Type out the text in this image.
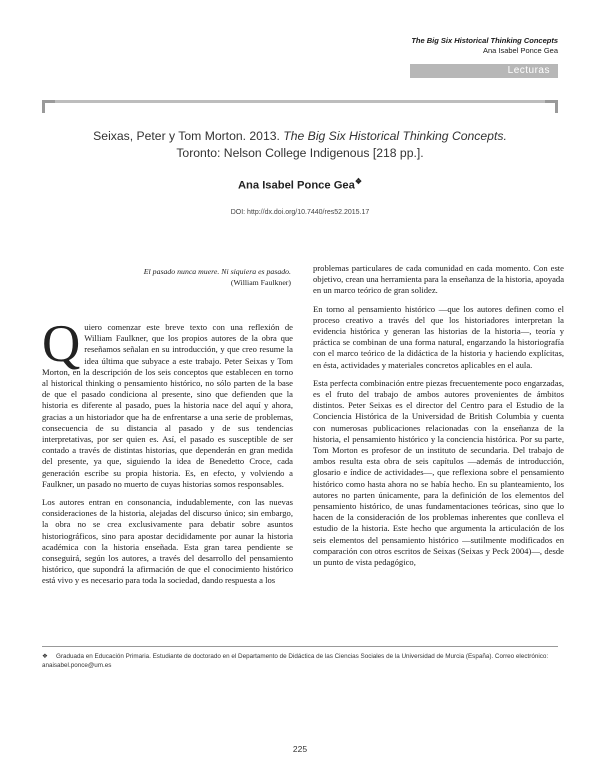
The Big Six Historical Thinking Concepts
Ana Isabel Ponce Gea
Lecturas
Seixas, Peter y Tom Morton. 2013. The Big Six Historical Thinking Concepts.
Toronto: Nelson College Indigenous [218 pp.].
Ana Isabel Ponce Gea❖
DOI: http://dx.doi.org/10.7440/res52.2015.17
El pasado nunca muere. Ni siquiera es pasado.
(William Faulkner)

Quiero comenzar este breve texto con una reflexión de William Faulkner, que los propios autores de la obra que reseñamos señalan en su introducción, y que creo resume la idea última que subyace a este trabajo. Peter Seixas y Tom Morton, en la descripción de los seis conceptos que establecen en torno al historical thinking o pensamiento histórico, no sólo parten de la base de que el pasado condiciona al presente, sino que defienden que la historia es diferente al pasado, pues la historia nace del aquí y ahora, gracias a un historiador que ha de enfrentarse a una serie de problemas, consecuencia de su distancia al pasado y de sus tendencias interpretativas, por ser quien es. Así, el pasado es susceptible de ser contado a través de distintas historias, que dependerán en gran medida del presente, ya que, siguiendo la idea de Benedetto Croce, cada generación escribe su propia historia. Es, en efecto, y volviendo a Faulkner, un pasado no muerto de cuyas historias somos responsables.

Los autores entran en consonancia, indudablemente, con las nuevas consideraciones de la historia, alejadas del discurso único; sin embargo, la obra no se crea exclusivamente para debatir sobre asuntos historiográficos, sino para apostar decididamente por aunar la historia académica con la historia enseñada. Esta gran tarea pendiente se conseguirá, según los autores, a través del desarrollo del pensamiento histórico, que supondrá la afirmación de que el conocimiento histórico está vivo y es necesario para toda la sociedad, dando respuesta a los

problemas particulares de cada comunidad en cada momento. Con este objetivo, crean una herramienta para la enseñanza de la historia, apoyada en un marco teórico de gran solidez.

En torno al pensamiento histórico —que los autores definen como el proceso creativo a través del que los historiadores interpretan la evidencia histórica y generan las historias de la historia—, teoría y práctica se combinan de una forma natural, engarzando la historiografía con el marco teórico de la didáctica de la historia y haciendo explícitas, en ésta, actividades y materiales concretos aplicables en el aula.

Esta perfecta combinación entre piezas frecuentemente poco engarzadas, es el fruto del trabajo de ambos autores provenientes de ámbitos distintos. Peter Seixas es el director del Centro para el Estudio de la Conciencia Histórica de la Universidad de British Columbia y cuenta con numerosas publicaciones relacionadas con la enseñanza de la historia, el pensamiento histórico y la conciencia histórica. Por su parte, Tom Morton es profesor de un instituto de secundaria. Del trabajo de ambos resulta esta obra de seis capítulos —además de introducción, glosario e índice de actividades—, que reflexiona sobre el pensamiento histórico como hasta ahora no se había hecho. En su planteamiento, los autores no parten únicamente, para la definición de los elementos del pensamiento histórico, de unas fundamentaciones teóricas, sino que lo hacen de la consideración de los problemas inherentes que conlleva el estudio de la historia. Este hecho que argumenta la articulación de los seis elementos del pensamiento histórico —sutilmente modificados en comparación con otros escritos de Seixas (Seixas y Peck 2004)—, desde un punto de vista pedagógico,

❖ Graduada en Educación Primaria. Estudiante de doctorado en el Departamento de Didáctica de las Ciencias Sociales de la Universidad de Murcia (España). Correo electrónico: anaisabel.ponce@um.es
225
